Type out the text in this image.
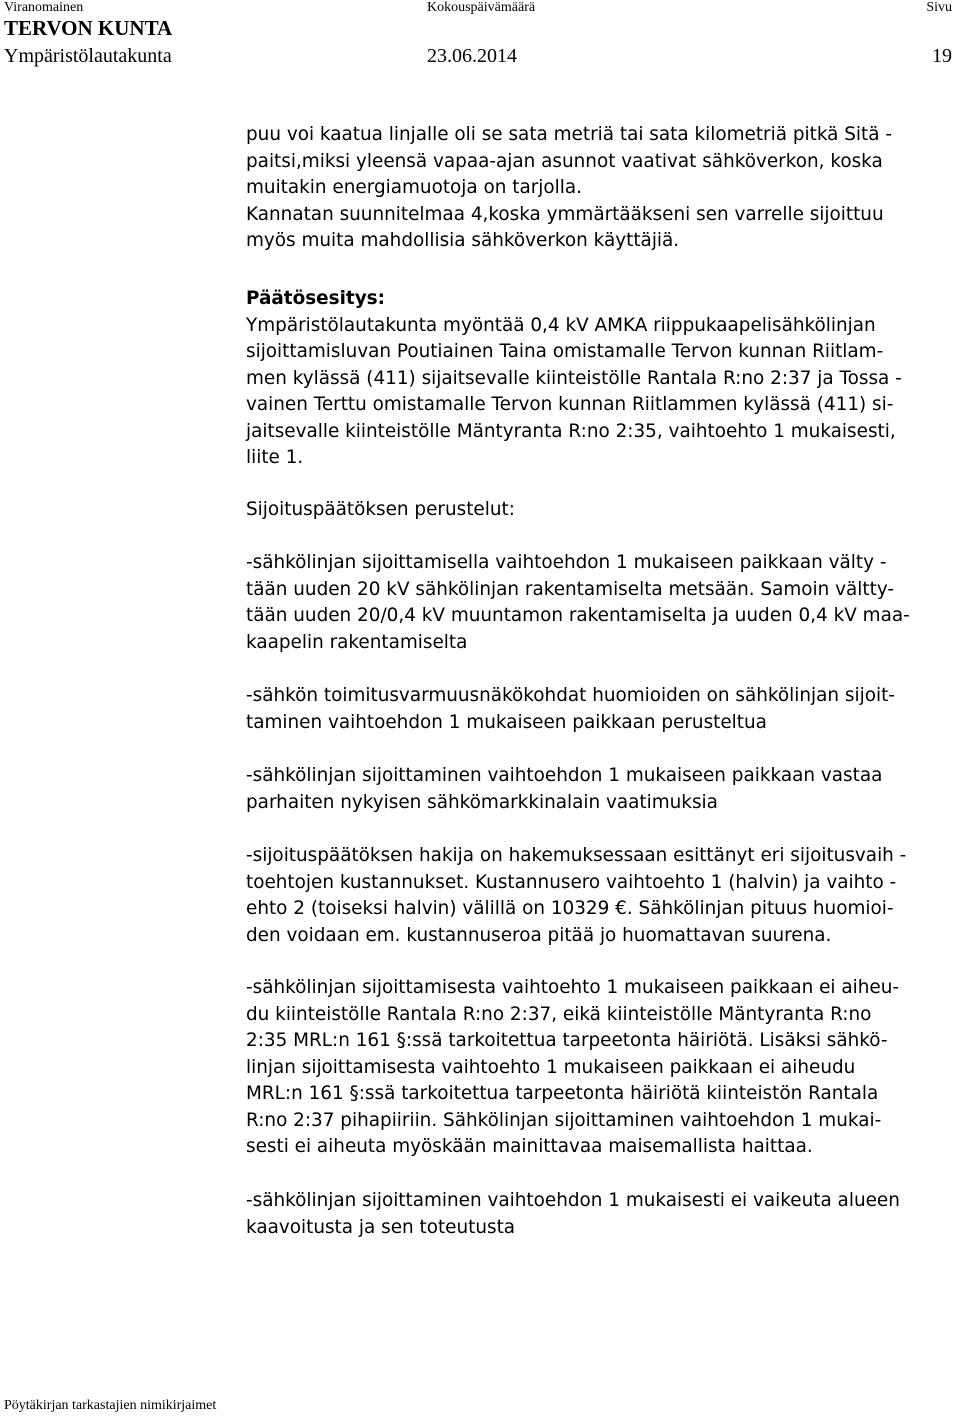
Viranomainen	Kokouspäivämäärä	Sivu
TERVON KUNTA
Ympäristölautakunta	23.06.2014	19
puu voi kaatua linjalle oli se sata metriä tai sata kilometriä pitkä Sitä -
paitsi,miksi yleensä vapaa-ajan asunnot vaativat sähköverkon, koska
muitakin energiamuotoja on tarjolla.
Kannatan suunnitelmaa 4,koska ymmärtääkseni sen varrelle sijoittuu
myös muita mahdollisia sähköverkon käyttäjiä.
Päätösesitys:
Ympäristölautakunta myöntää 0,4 kV AMKA riippukaapelisähkölinjan
sijoittamisluvan Poutiainen Taina omistamalle Tervon kunnan Riitlam-
men kylässä (411) sijaitsevalle kiinteistölle Rantala R:no 2:37 ja Tossa -
vainen Terttu omistamalle Tervon kunnan Riitlammen kylässä (411) si-
jaitsevalle kiinteistölle Mäntyranta R:no 2:35, vaihtoehto 1 mukaisesti,
liite 1.
Sijoituspäätöksen perustelut:
-sähkölinjan sijoittamisella vaihtoehdon 1 mukaiseen paikkaan välty -
tään uuden 20 kV sähkölinjan rakentamiselta metsään. Samoin vältty-
tään uuden 20/0,4 kV muuntamon rakentamiselta ja uuden 0,4 kV maa-
kaapelin rakentamiselta
-sähkön toimitusvarmuusnäkökohdat huomioiden on sähkölinjan sijoit-
taminen vaihtoehdon 1 mukaiseen paikkaan perusteltua
-sähkölinjan sijoittaminen vaihtoehdon 1 mukaiseen paikkaan vastaa
parhaiten nykyisen sähkömarkkinalain vaatimuksia
-sijoituspäätöksen hakija on hakemuksessaan esittänyt eri sijoitusvaih -
toehtojen kustannukset. Kustannusero vaihtoehto 1 (halvin) ja vaihto -
ehto 2 (toiseksi halvin) välillä on 10329 €. Sähkölinjan pituus huomioi-
den voidaan em. kustannuseroa pitää jo huomattavan suurena.
-sähkölinjan sijoittamisesta vaihtoehto 1 mukaiseen paikkaan ei aiheu-
du kiinteistölle Rantala R:no 2:37, eikä kiinteistölle Mäntyranta R:no
2:35 MRL:n 161 §:ssä tarkoitettua tarpeetonta häiriötä. Lisäksi sähkö-
linjan sijoittamisesta vaihtoehto 1 mukaiseen paikkaan ei aiheudu
MRL:n 161 §:ssä tarkoitettua tarpeetonta häiriötä kiinteistön Rantala
R:no 2:37 pihapiiriin. Sähkölinjan sijoittaminen vaihtoehdon 1 mukai-
sesti ei aiheuta myöskään mainittavaa maisemallista haittaa.
-sähkölinjan sijoittaminen vaihtoehdon 1 mukaisesti ei vaikeuta alueen
kaavoitusta ja sen toteutusta
Pöytäkirjan tarkastajien nimikirjaimet
